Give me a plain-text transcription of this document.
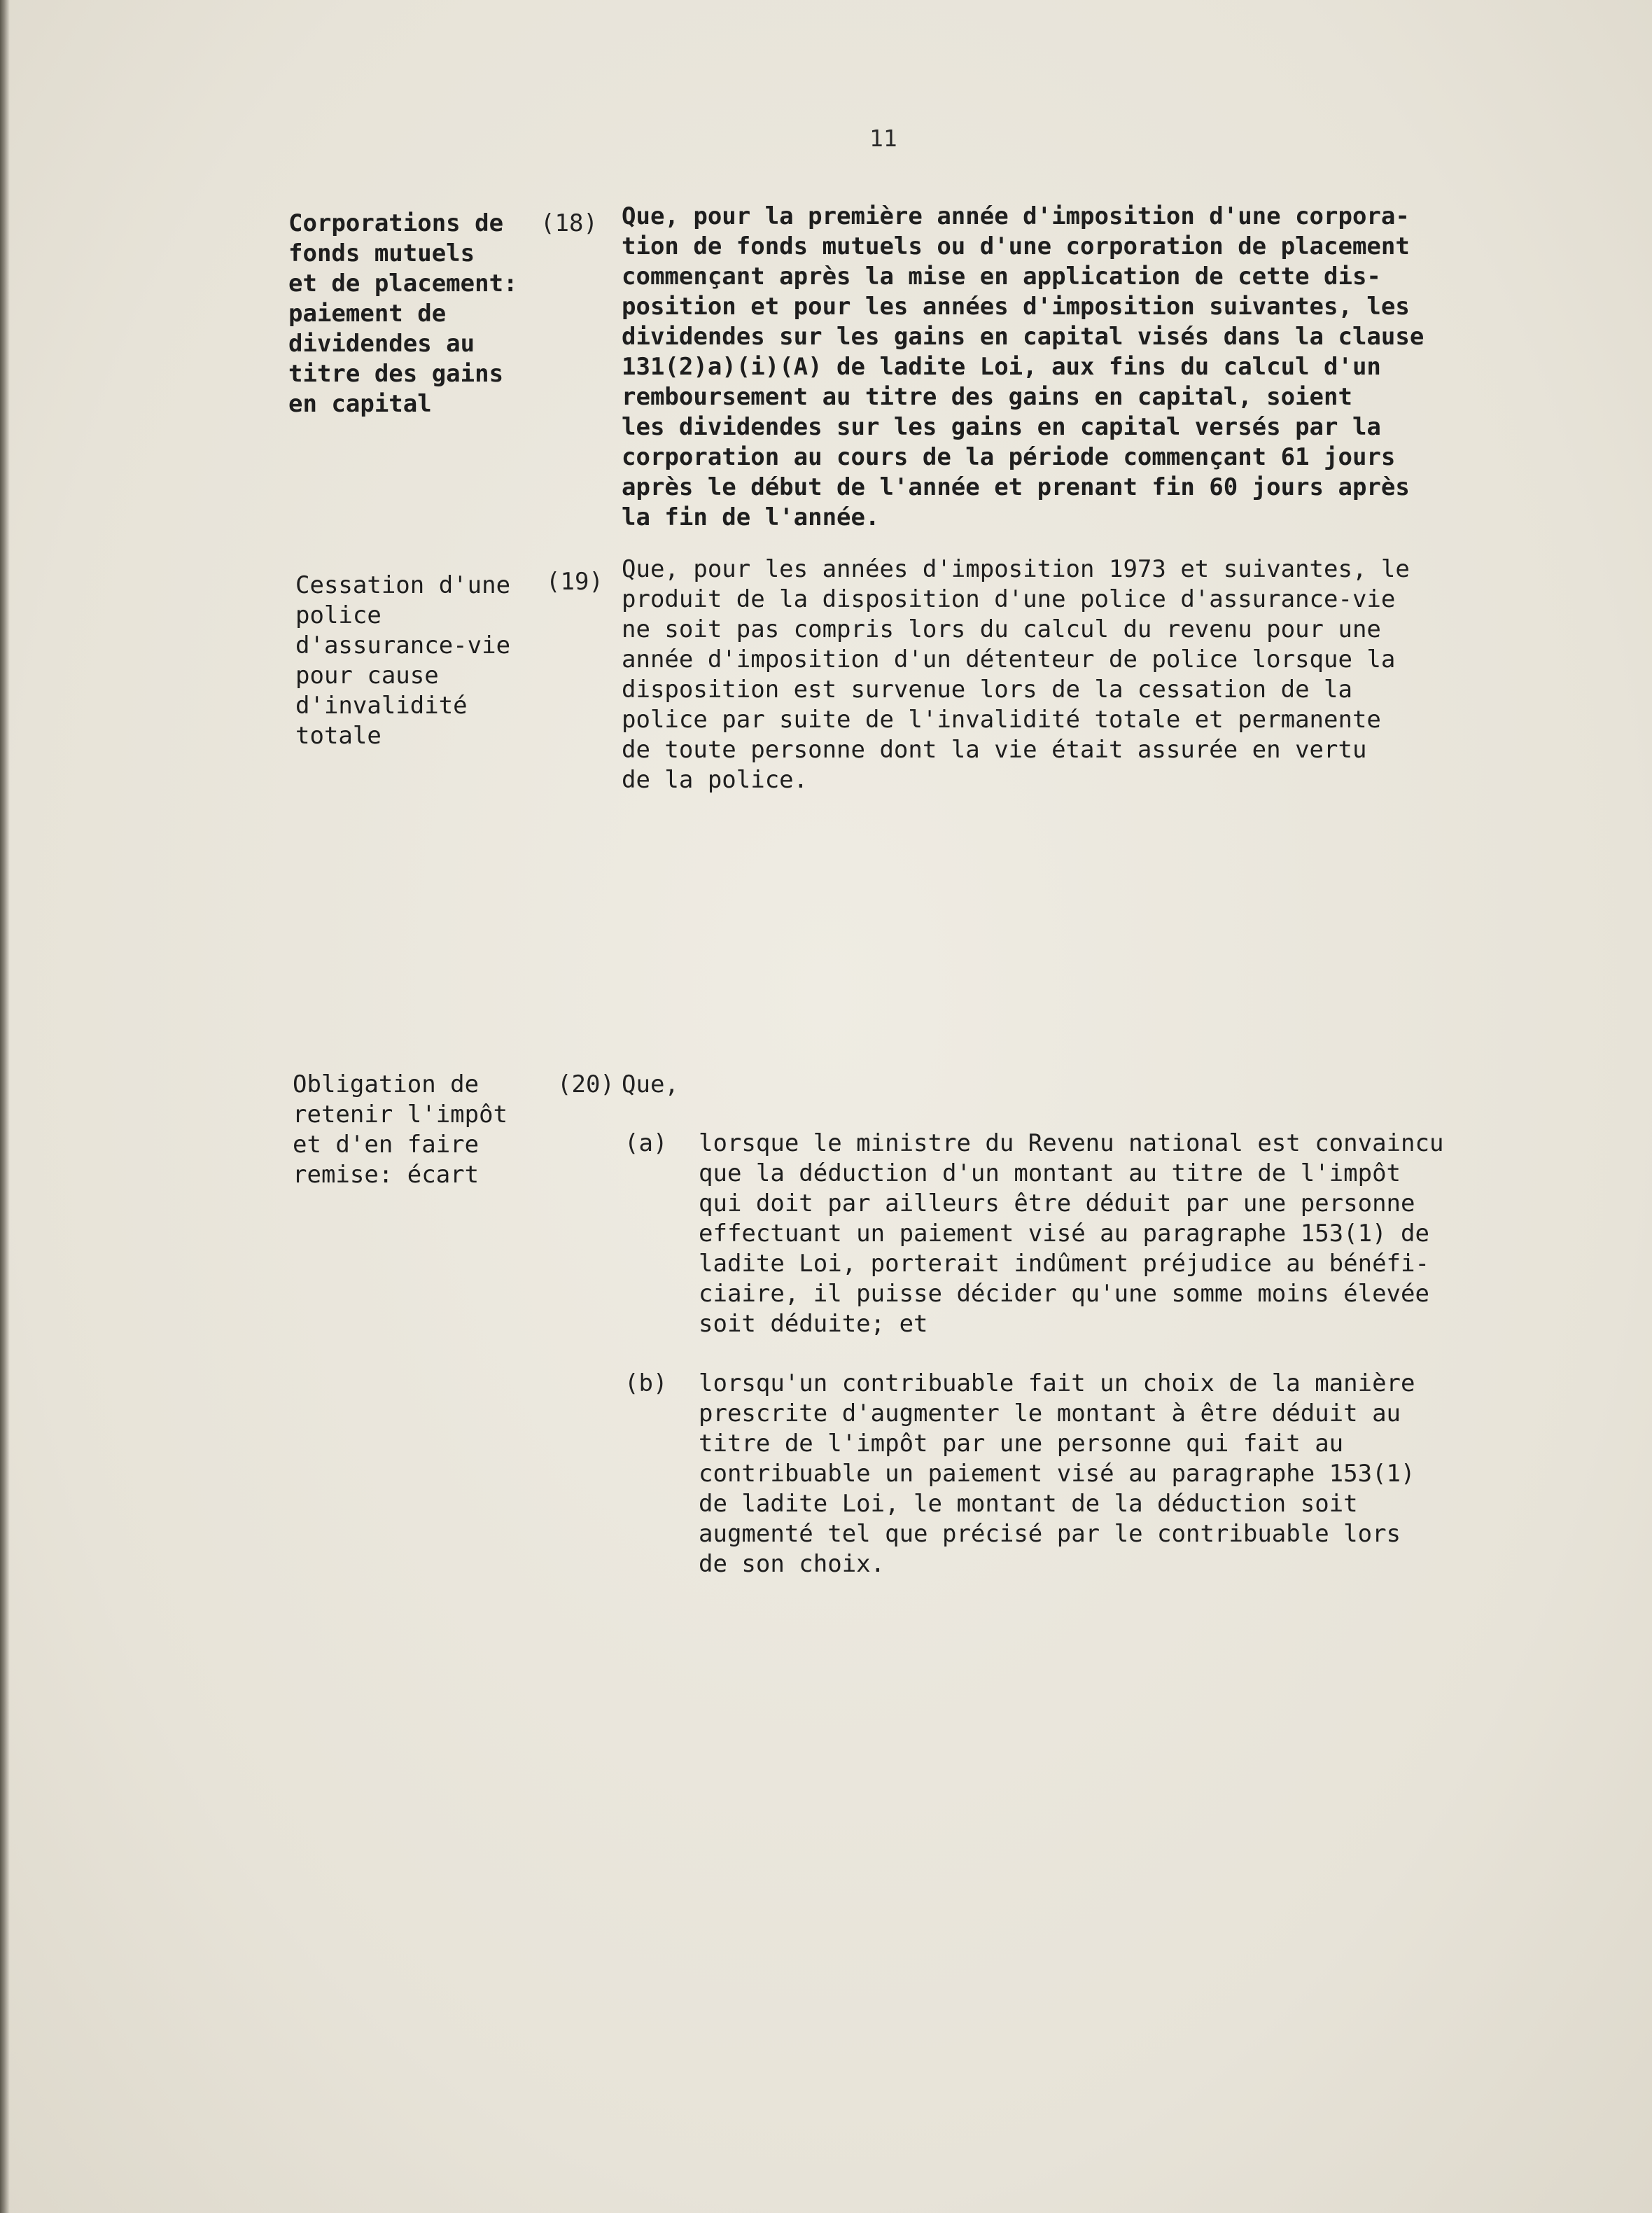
11
Corporations de
fonds mutuels
et de placement:
paiement de
dividendes au
titre des gains
en capital
(18) Que, pour la première année d'imposition d'une corpora-
tion de fonds mutuels ou d'une corporation de placement
commençant après la mise en application de cette dis-
position et pour les années d'imposition suivantes, les
dividendes sur les gains en capital visés dans la clause
131(2)a)(i)(A) de ladite Loi, aux fins du calcul d'un
remboursement au titre des gains en capital, soient
les dividendes sur les gains en capital versés par la
corporation au cours de la période commençant 61 jours
après le début de l'année et prenant fin 60 jours après
la fin de l'année.
Cessation d'une
police
d'assurance-vie
pour cause
d'invalidité
totale
(19) Que, pour les années d'imposition 1973 et suivantes, le
produit de la disposition d'une police d'assurance-vie
ne soit pas compris lors du calcul du revenu pour une
année d'imposition d'un détenteur de police lorsque la
disposition est survenue lors de la cessation de la
police par suite de l'invalidité totale et permanente
de toute personne dont la vie était assurée en vertu
de la police.
Obligation de
retenir l'impôt
et d'en faire
remise: écart
(20) Que,
(a) lorsque le ministre du Revenu national est convaincu
que la déduction d'un montant au titre de l'impôt
qui doit par ailleurs être déduit par une personne
effectuant un paiement visé au paragraphe 153(1) de
ladite Loi, porterait indûment préjudice au bénéfi-
ciaire, il puisse décider qu'une somme moins élevée
soit déduite; et
(b) lorsqu'un contribuable fait un choix de la manière
prescrite d'augmenter le montant à être déduit au
titre de l'impôt par une personne qui fait au
contribuable un paiement visé au paragraphe 153(1)
de ladite Loi, le montant de la déduction soit
augmenté tel que précisé par le contribuable lors
de son choix.
